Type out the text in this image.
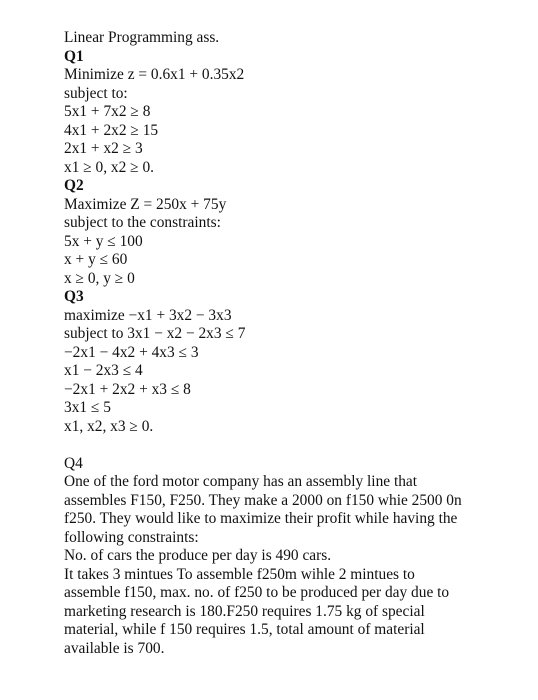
Linear Programming ass.
Q1
Minimize z = 0.6x1 + 0.35x2
subject to:
5x1 + 7x2 ≥ 8
4x1 + 2x2 ≥ 15
2x1 + x2 ≥ 3
x1 ≥ 0, x2 ≥ 0.
Q2
Maximize Z = 250x + 75y
subject to the constraints:
5x + y ≤ 100
x + y ≤ 60
x ≥ 0, y ≥ 0
Q3
maximize −x1 + 3x2 − 3x3
subject to 3x1 − x2 − 2x3 ≤ 7
−2x1 − 4x2 + 4x3 ≤ 3
x1 − 2x3 ≤ 4
−2x1 + 2x2 + x3 ≤ 8
3x1 ≤ 5
x1, x2, x3 ≥ 0.
Q4
One of the ford motor company has an assembly line that
assembles F150, F250. They make a 2000 on f150 whie 2500 0n
f250. They would like to maximize their profit while having the
following constraints:
No. of cars the produce per day is 490 cars.
It takes 3 mintues To assemble f250m wihle 2 mintues to
assemble f150, max. no. of f250 to be produced per day due to
marketing research is 180.F250 requires 1.75 kg of special
material, while f 150 requires 1.5, total amount of material
available is 700.
